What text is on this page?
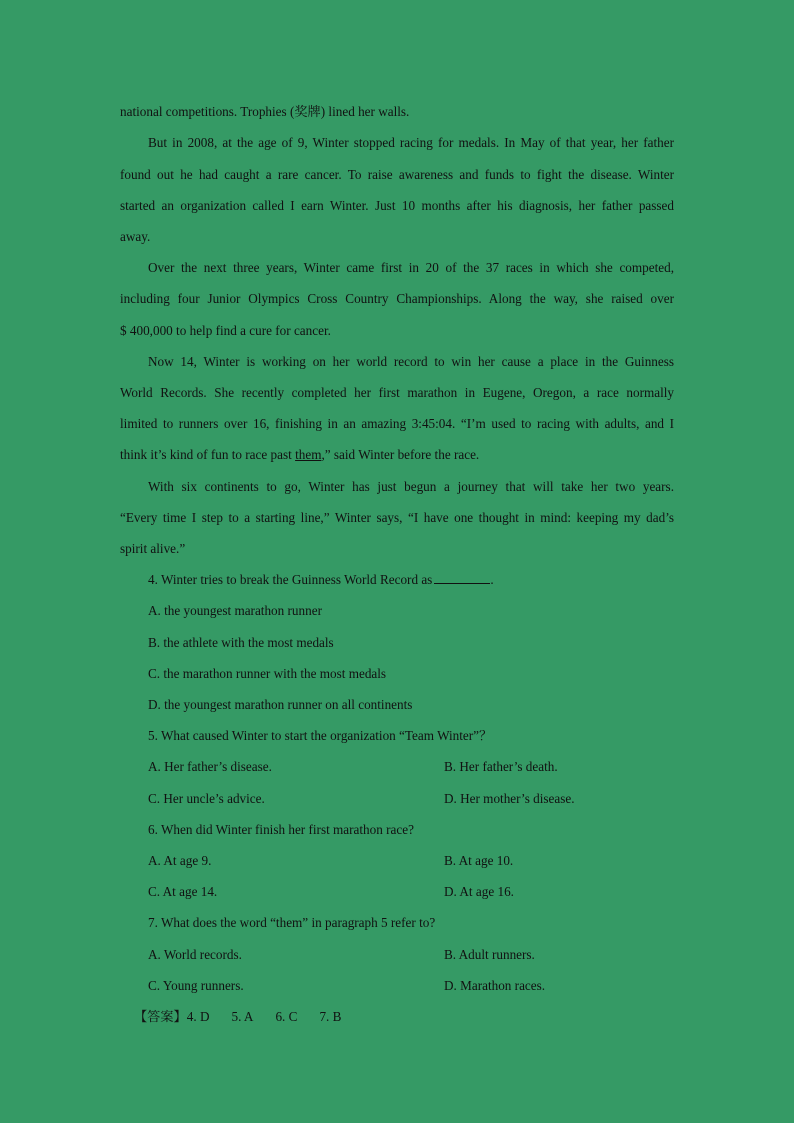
national competitions. Trophies (奖牌) lined her walls.
But in 2008, at the age of 9, Winter stopped racing for medals. In May of that year, her father
found out he had caught a rare cancer. To raise awareness and funds to fight the disease. Winter
started an organization called I earn Winter. Just 10 months after his diagnosis, her father passed
away.
Over the next three years, Winter came first in 20 of the 37 races in which she competed,
including four Junior Olympics Cross Country Championships. Along the way, she raised over
$ 400,000 to help find a cure for cancer.
Now 14, Winter is working on her world record to win her cause a place in the Guinness
World Records. She recently completed her first marathon in Eugene, Oregon, a race normally
limited to runners over 16, finishing in an amazing 3:45:04. “I’m used to racing with adults, and I
think it’s kind of fun to race past them,” said Winter before the race.
With six continents to go, Winter has just begun a journey that will take her two years.
“Every time I step to a starting line,” Winter says, “I have one thought in mind: keeping my dad’s
spirit alive.”
4. Winter tries to break the Guinness World Record as	.
A. the youngest marathon runner
B. the athlete with the most medals
C. the marathon runner with the most medals
D. the youngest marathon runner on all continents
5. What caused Winter to start the organization “Team Winter”？
A. Her father’s disease.	B. Her father’s death.
C. Her uncle’s advice.	D. Her mother’s disease.
6. When did Winter finish her first marathon race?
A. At age 9.	B. At age 10.
C. At age 14.	D. At age 16.
7. What does the word “them” in paragraph 5 refer to?
A. World records.	B. Adult runners.
C. Young runners.	D. Marathon races.
【答案】4. D 5. A 6. C 7. B
